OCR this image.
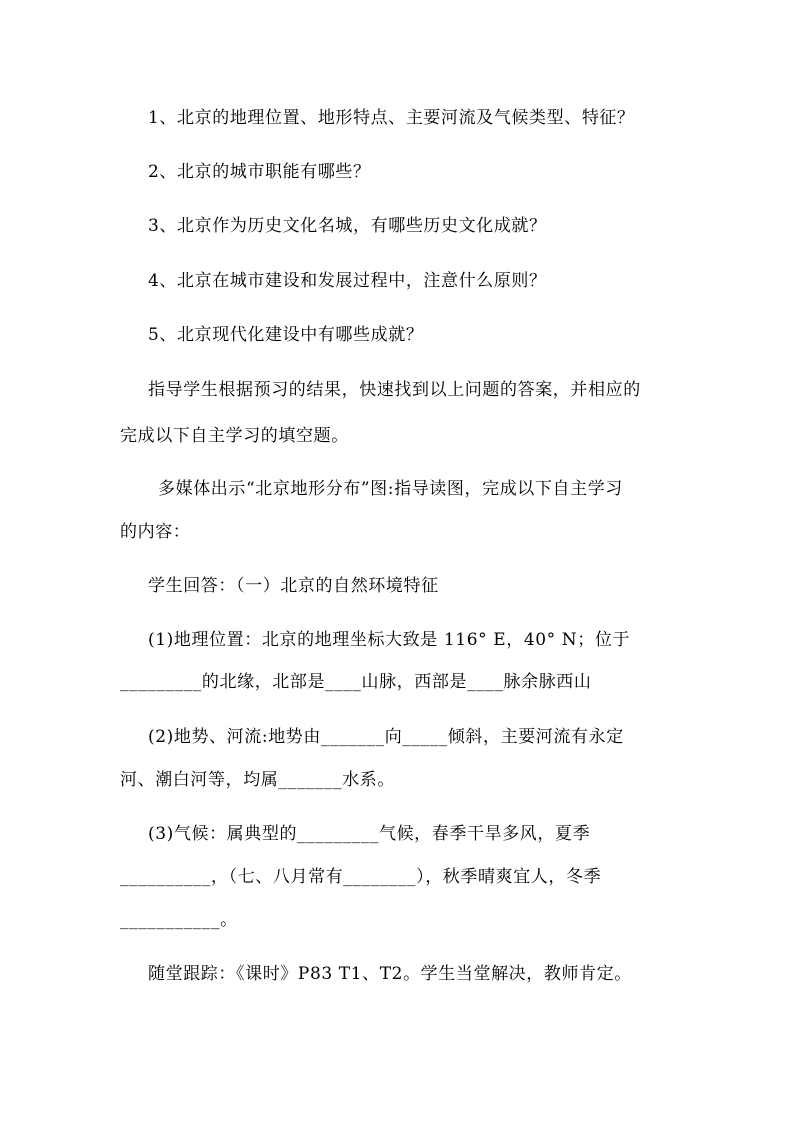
1、北京的地理位置、地形特点、主要河流及气候类型、特征？
2、北京的城市职能有哪些？
3、北京作为历史文化名城，有哪些历史文化成就？
4、北京在城市建设和发展过程中，注意什么原则？
5、北京现代化建设中有哪些成就？
指导学生根据预习的结果，快速找到以上问题的答案，并相应的
完成以下自主学习的填空题。
多媒体出示“北京地形分布”图:指导读图，完成以下自主学习
的内容：
学生回答：（一）北京的自然环境特征
(1)地理位置：北京的地理坐标大致是 116° E，40° N；位于
_________的北缘，北部是____山脉，西部是____脉余脉西山
(2)地势、河流:地势由_______向_____倾斜，主要河流有永定
河、潮白河等，均属_______水系。
(3)气候：属典型的_________气候，春季干旱多风，夏季
__________，（七、八月常有________），秋季晴爽宜人，冬季
___________。
随堂跟踪：《课时》P83 T1、T2。学生当堂解决，教师肯定。
